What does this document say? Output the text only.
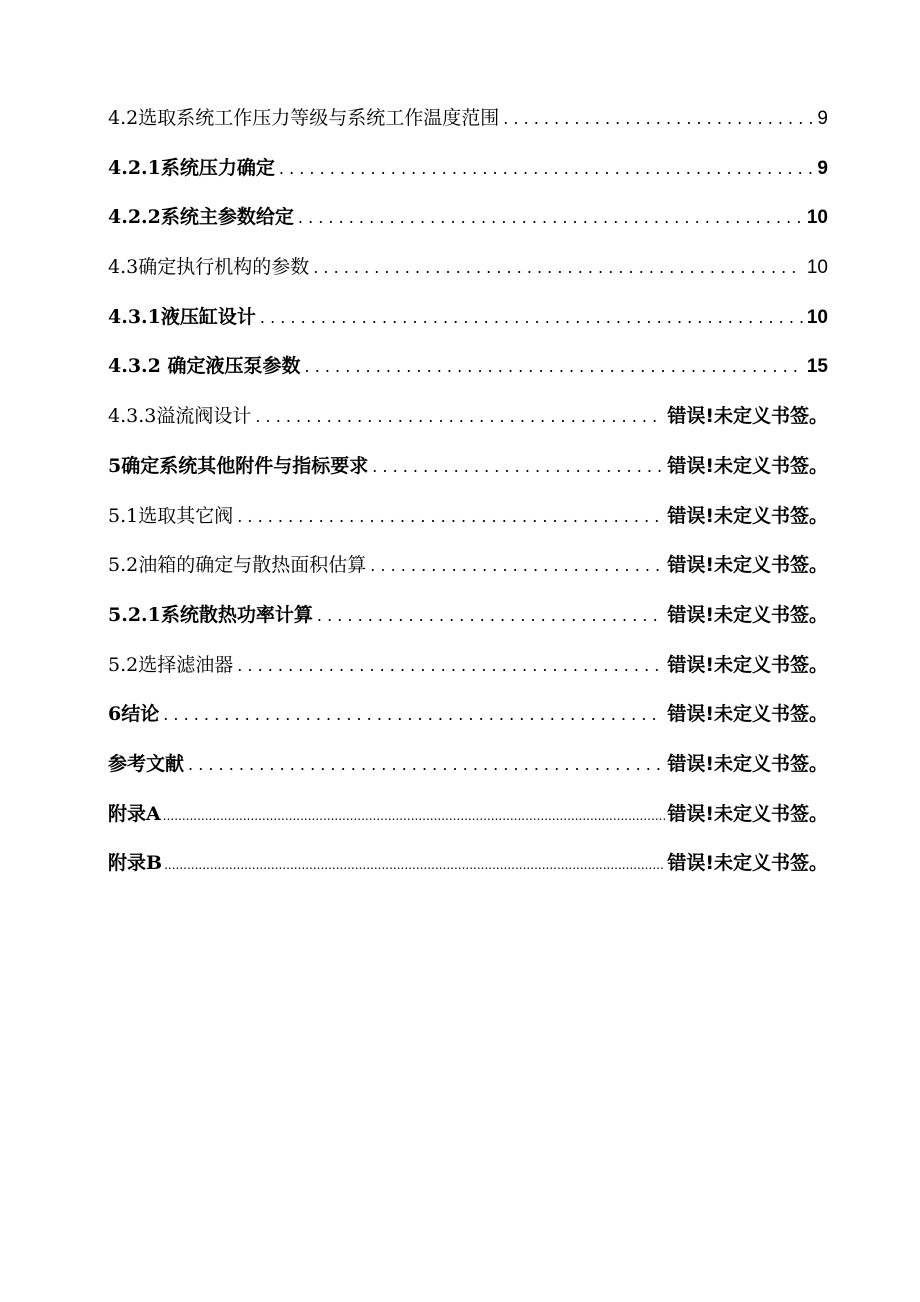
4.2选取系统工作压力等级与系统工作温度范围 . . .	9
4.2.1系统压力确定 . . .	9
4.2.2系统主参数给定 . . .	10
4.3确定执行机构的参数 . . .	10
4.3.1液压缸设计 . . .	10
4.3.2 确定液压泵参数 . . .	15
4.3.3溢流阀设计 . . .	错误!未定义书签。
5确定系统其他附件与指标要求 . . .	错误!未定义书签。
5.1选取其它阀 . . .	错误!未定义书签。
5.2油箱的确定与散热面积估算 . . .	错误!未定义书签。
5.2.1系统散热功率计算 . . .	错误!未定义书签。
5.2选择滤油器 . . .	错误!未定义书签。
6结论 . . .	错误!未定义书签。
参考文献 . . .	错误!未定义书签。
附录A .....	错误!未定义书签。
附录B .....	错误!未定义书签。
